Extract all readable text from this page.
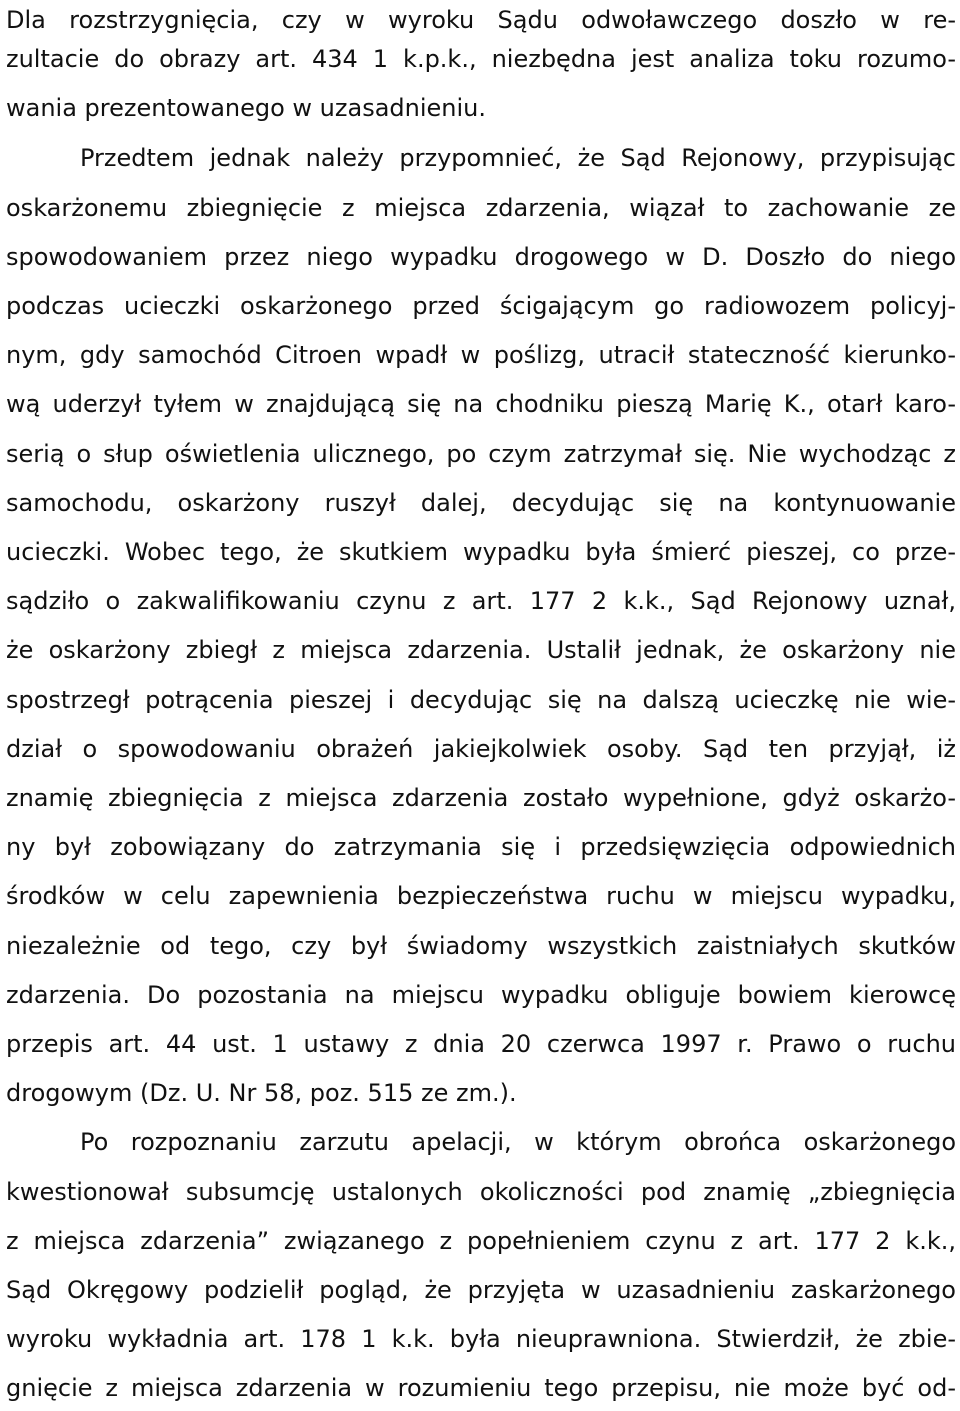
Dla rozstrzygnięcia, czy w wyroku Sądu odwoławczego doszło w re-
zultacie do obrazy art. 434 1 k.p.k., niezbędna jest analiza toku rozumo-
wania prezentowanego w uzasadnieniu.
Przedtem jednak należy przypomnieć, że Sąd Rejonowy, przypisując
oskarżonemu zbiegnięcie z miejsca zdarzenia, wiązał to zachowanie ze
spowodowaniem przez niego wypadku drogowego w D. Doszło do niego
podczas ucieczki oskarżonego przed ścigającym go radiowozem policyj-
nym, gdy samochód Citroen wpadł w poślizg, utracił stateczność kierunko-
wą uderzył tyłem w znajdującą się na chodniku pieszą Marię K., otarł karo-
serią o słup oświetlenia ulicznego, po czym zatrzymał się. Nie wychodząc z
samochodu, oskarżony ruszył dalej, decydując się na kontynuowanie
ucieczki. Wobec tego, że skutkiem wypadku była śmierć pieszej, co prze-
sądziło o zakwalifikowaniu czynu z art. 177 2 k.k., Sąd Rejonowy uznał,
że oskarżony zbiegł z miejsca zdarzenia. Ustalił jednak, że oskarżony nie
spostrzegł potrącenia pieszej i decydując się na dalszą ucieczkę nie wie-
dział o spowodowaniu obrażeń jakiejkolwiek osoby. Sąd ten przyjął, iż
znamię zbiegnięcia z miejsca zdarzenia zostało wypełnione, gdyż oskarżo-
ny był zobowiązany do zatrzymania się i przedsięwzięcia odpowiednich
środków w celu zapewnienia bezpieczeństwa ruchu w miejscu wypadku,
niezależnie od tego, czy był świadomy wszystkich zaistniałych skutków
zdarzenia. Do pozostania na miejscu wypadku obliguje bowiem kierowcę
przepis art. 44 ust. 1 ustawy z dnia 20 czerwca 1997 r. Prawo o ruchu
drogowym (Dz. U. Nr 58, poz. 515 ze zm.).
Po rozpoznaniu zarzutu apelacji, w którym obrońca oskarżonego
kwestionował subsumcję ustalonych okoliczności pod znamię „zbiegnięcia
z miejsca zdarzenia” związanego z popełnieniem czynu z art. 177 2 k.k.,
Sąd Okręgowy podzielił pogląd, że przyjęta w uzasadnieniu zaskarżonego
wyroku wykładnia art. 178 1 k.k. była nieuprawniona. Stwierdził, że zbie-
gnięcie z miejsca zdarzenia w rozumieniu tego przepisu, nie może być od-
